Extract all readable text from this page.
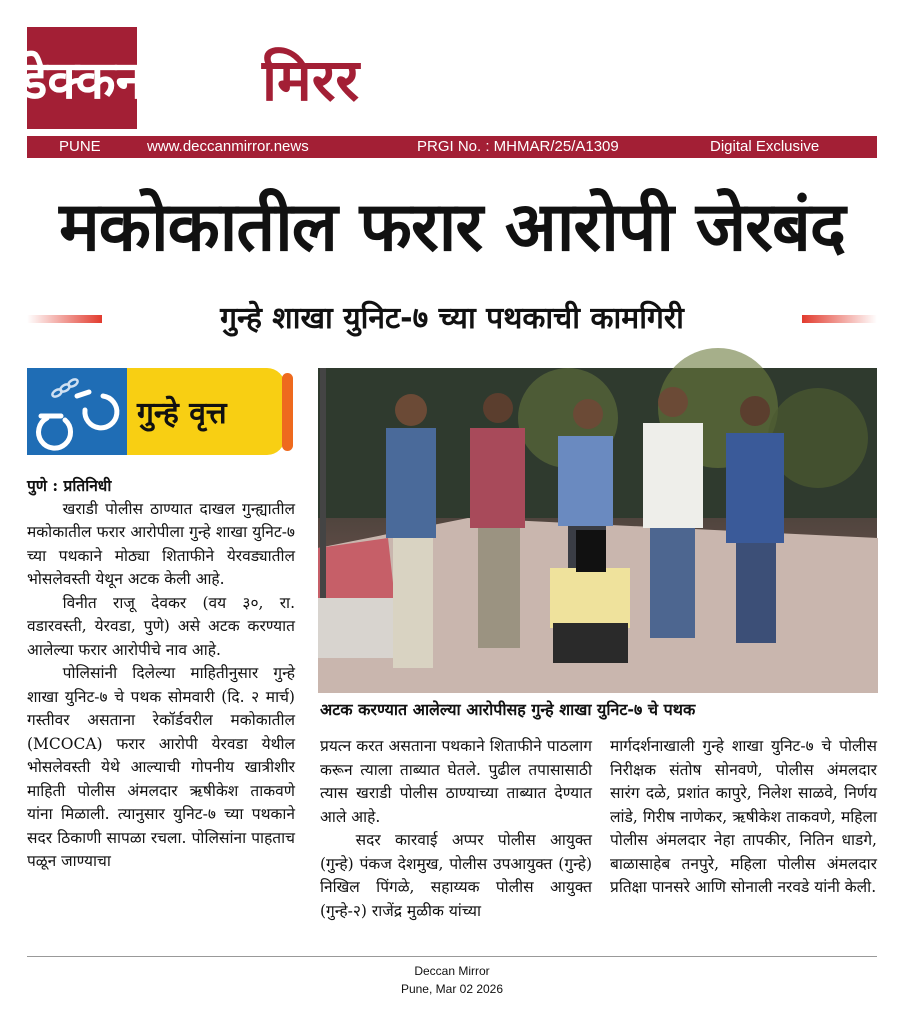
डेक्कन मिरर
PUNE	www.deccanmirror.news	PRGI No. : MHMAR/25/A1309	Digital Exclusive
मकोकातील फरार आरोपी जेरबंद
गुन्हे शाखा युनिट-७ च्या पथकाची कामगिरी
गुन्हे वृत्त

पुणे : प्रतिनिधी

खराडी पोलीस ठाण्यात दाखल गुन्ह्यातील मकोकातील फरार आरोपीला गुन्हे शाखा युनिट-७ च्या पथकाने मोठ्या शिताफीने येरवड्यातील भोसलेवस्ती येथून अटक केली आहे.

विनीत राजू देवकर (वय ३०, रा. वडारवस्ती, येरवडा, पुणे) असे अटक करण्यात आलेल्या फरार आरोपीचे नाव आहे.

पोलिसांनी दिलेल्या माहितीनुसार गुन्हे शाखा युनिट-७ चे पथक सोमवारी (दि. २ मार्च) गस्तीवर असताना रेकॉर्डवरील मकोकातील (MCOCA) फरार आरोपी येरवडा येथील भोसलेवस्ती येथे आल्याची गोपनीय खात्रीशीर माहिती पोलीस अंमलदार ऋषीकेश ताकवणे यांना मिळाली. त्यानुसार युनिट-७ च्या पथकाने सदर ठिकाणी सापळा रचला. पोलिसांना पाहताच पळून जाण्याचा

अटक करण्यात आलेल्या आरोपीसह गुन्हे शाखा युनिट-७ चे पथक

प्रयत्न करत असताना पथकाने शिताफीने पाठलाग करून त्याला ताब्यात घेतले. पुढील तपासासाठी त्यास खराडी पोलीस ठाण्याच्या ताब्यात देण्यात आले आहे.

सदर कारवाई अप्पर पोलीस आयुक्त (गुन्हे) पंकज देशमुख, पोलीस उपआयुक्त (गुन्हे) निखिल पिंगळे, सहाय्यक पोलीस आयुक्त (गुन्हे-२) राजेंद्र मुळीक यांच्या

मार्गदर्शनाखाली गुन्हे शाखा युनिट-७ चे पोलीस निरीक्षक संतोष सोनवणे, पोलीस अंमलदार सारंग दळे, प्रशांत कापुरे, निलेश साळवे, निर्णय लांडे, गिरीष नाणेकर, ऋषीकेश ताकवणे, महिला पोलीस अंमलदार नेहा तापकीर, नितिन धाडगे, बाळासाहेब तनपुरे, महिला पोलीस अंमलदार प्रतिक्षा पानसरे आणि सोनाली नरवडे यांनी केली.

Deccan Mirror
Pune, Mar 02 2026
